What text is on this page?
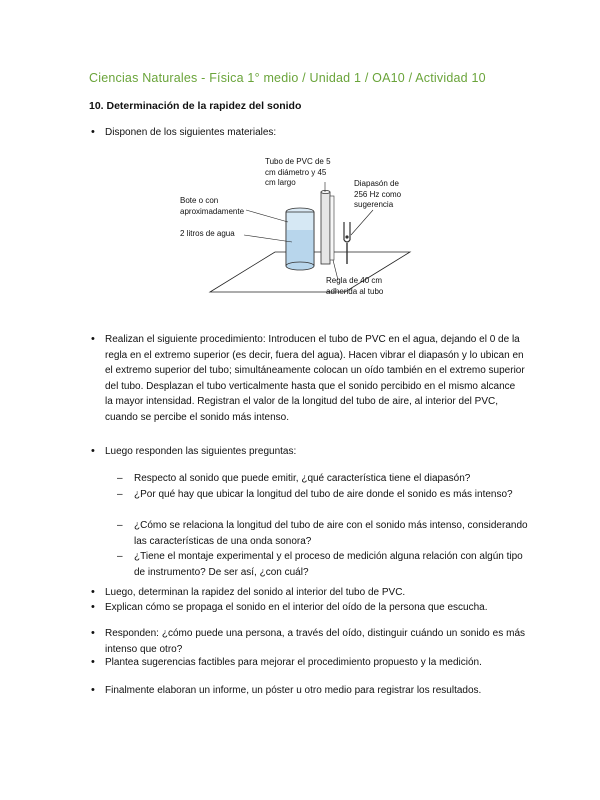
Ciencias Naturales - Física 1° medio / Unidad 1 / OA10 / Actividad 10
10. Determinación de la rapidez del sonido
• Disponen de los siguientes materiales:
Tubo de PVC de 5
cm diámetro y 45
cm largo
Bote o con
aproximadamente
2 litros de agua
Diapasón de
256 Hz como
sugerencia
Regla de 40 cm
adherida al tubo
• Realizan el siguiente procedimiento: Introducen el tubo de PVC en el agua, dejando el 0 de la regla en el extremo superior (es decir, fuera del agua). Hacen vibrar el diapasón y lo ubican en el extremo superior del tubo; simultáneamente colocan un oído también en el extremo superior del tubo. Desplazan el tubo verticalmente hasta que el sonido percibido en el mismo alcance la mayor intensidad. Registran el valor de la longitud del tubo de aire, al interior del PVC, cuando se percibe el sonido más intenso.
• Luego responden las siguientes preguntas:
– Respecto al sonido que puede emitir, ¿qué característica tiene el diapasón?
– ¿Por qué hay que ubicar la longitud del tubo de aire donde el sonido es más intenso?
– ¿Cómo se relaciona la longitud del tubo de aire con el sonido más intenso, considerando las características de una onda sonora?
– ¿Tiene el montaje experimental y el proceso de medición alguna relación con algún tipo de instrumento? De ser así, ¿con cuál?
• Luego, determinan la rapidez del sonido al interior del tubo de PVC.
• Explican cómo se propaga el sonido en el interior del oído de la persona que escucha.
• Responden: ¿cómo puede una persona, a través del oído, distinguir cuándo un sonido es más intenso que otro?
• Plantea sugerencias factibles para mejorar el procedimiento propuesto y la medición.
• Finalmente elaboran un informe, un póster u otro medio para registrar los resultados.
